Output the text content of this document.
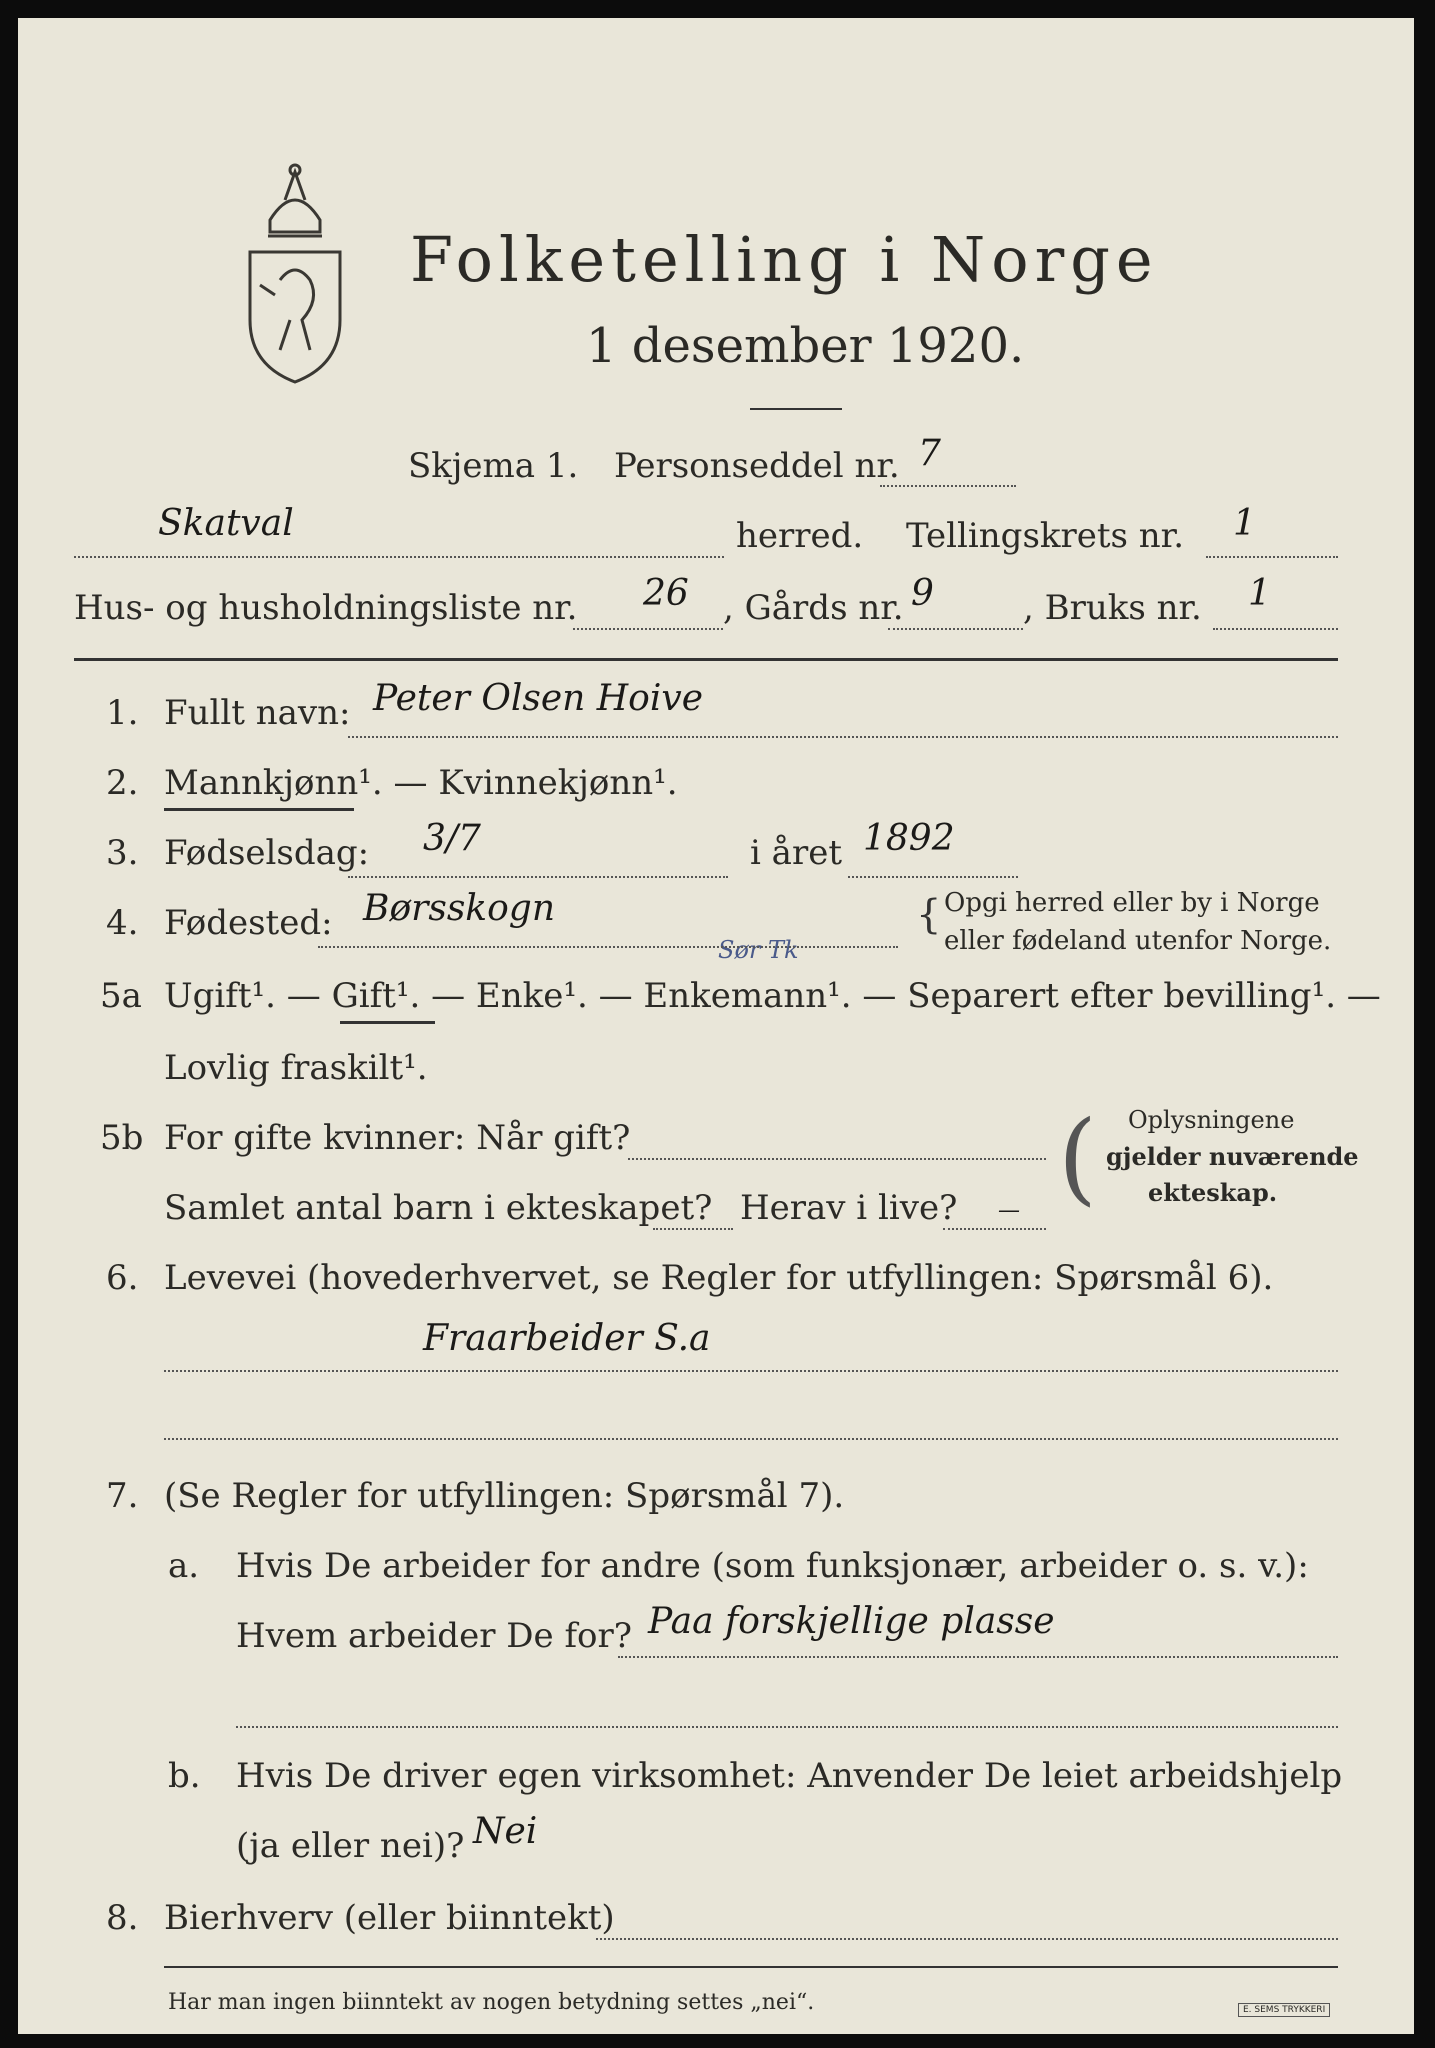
Folketelling i Norge
1 desember 1920.
Skjema 1. Personseddel nr. 7
Skatval	herred. Tellingskrets nr. 1
Hus- og husholdningsliste nr. 26 , Gårds nr. 9	, Bruks nr. 1
1. Fullt navn: Peter Olsen Hoive
2. Mannkjønn¹. — Kvinnekjønn¹.
3. Fødselsdag: 3/7	i året 1892
4. Fødested: Børsskogn
Sør Tk
{ Opgi herred eller by i Norge
eller fødeland utenfor Norge.
5a Ugift¹. — Gift¹. — Enke¹. — Enkemann¹. — Separert efter bevilling¹. —
Lovlig fraskilt¹.
5b For gifte kvinner: Når gift?
Samlet antal barn i ekteskapet? Herav i live? — ( Oplysningene
gjelder nuværende
ekteskap.
6. Levevei (hovederhvervet, se Regler for utfyllingen: Spørsmål 6).
Fraarbeider S.a
7. (Se Regler for utfyllingen: Spørsmål 7).
a. Hvis De arbeider for andre (som funksjonær, arbeider o. s. v.):
Hvem arbeider De for? Paa forskjellige plasse
b. Hvis De driver egen virksomhet: Anvender De leiet arbeidshjelp
(ja eller nei)? Nei
8. Bierhverv (eller biinntekt)
Har man ingen biinntekt av nogen betydning settes „nei“.	E. SEMS TRYKKERI
